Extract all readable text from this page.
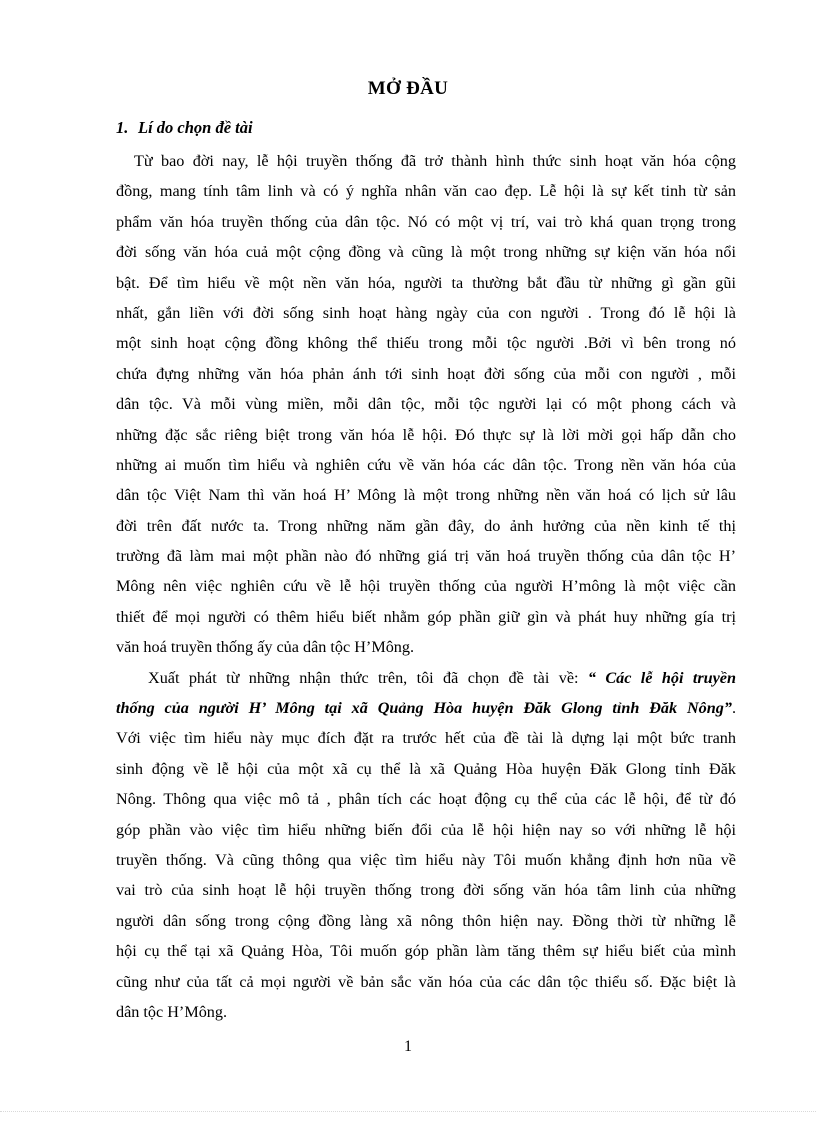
MỞ ĐẦU
1. Lí do chọn đề tài
Từ bao đời nay, lễ hội truyền thống đã trở thành hình thức sinh hoạt văn hóa cộng
đồng, mang tính tâm linh và có ý nghĩa nhân văn cao đẹp. Lễ hội là sự kết tinh từ sản
phẩm văn hóa truyền thống của dân tộc. Nó có một vị trí, vai trò khá quan trọng trong
đời sống văn hóa cuả một cộng đồng và cũng là một trong những sự kiện văn hóa nổi
bật. Để tìm hiểu về một nền văn hóa, người ta thường bắt đầu từ những gì gần gũi
nhất, gắn liền với đời sống sinh hoạt hàng ngày của con người . Trong đó lễ hội là
một sinh hoạt cộng đồng không thể thiếu trong mỗi tộc người .Bởi vì bên trong nó
chứa đựng những văn hóa phản ánh tới sinh hoạt đời sống của mỗi con người , mỗi
dân tộc. Và mỗi vùng miền, mỗi dân tộc, mỗi tộc người lại có một phong cách và
những đặc sắc riêng biệt trong văn hóa lễ hội. Đó thực sự là lời mời gọi hấp dẫn cho
những ai muốn tìm hiểu và nghiên cứu về văn hóa các dân tộc. Trong nền văn hóa của
dân tộc Việt Nam thì văn hoá H’ Mông là một trong những nền văn hoá có lịch sử lâu
đời trên đất nước ta. Trong những năm gần đây, do ảnh hưởng của nền kinh tế thị
trường đã làm mai một phần nào đó những giá trị văn hoá truyền thống của dân tộc H’
Mông nên việc nghiên cứu về lễ hội truyền thống của người H’mông là một việc cần
thiết để mọi người có thêm hiểu biết nhằm góp phần giữ gìn và phát huy những gía trị
văn hoá truyền thống ấy của dân tộc H’Mông.
Xuất phát từ những nhận thức trên, tôi đã chọn đề tài về: “ Các lễ hội truyền
thống của người H’ Mông tại xã Quảng Hòa huyện Đăk Glong tỉnh Đăk Nông”.
Với việc tìm hiểu này mục đích đặt ra trước hết của đề tài là dựng lại một bức tranh
sinh động về lễ hội của một xã cụ thể là xã Quảng Hòa huyện Đăk Glong tỉnh Đăk
Nông. Thông qua việc mô tả , phân tích các hoạt động cụ thể của các lễ hội, để từ đó
góp phần vào việc tìm hiểu những biến đổi của lễ hội hiện nay so với những lễ hội
truyền thống. Và cũng thông qua việc tìm hiểu này Tôi muốn khẳng định hơn nũa về
vai trò của sinh hoạt lễ hội truyền thống trong đời sống văn hóa tâm linh của những
người dân sống trong cộng đồng làng xã nông thôn hiện nay. Đồng thời từ những lễ
hội cụ thể tại xã Quảng Hòa, Tôi muốn góp phần làm tăng thêm sự hiểu biết của mình
cũng như của tất cả mọi người về bản sắc văn hóa của các dân tộc thiểu số. Đặc biệt là
dân tộc H’Mông.
1
